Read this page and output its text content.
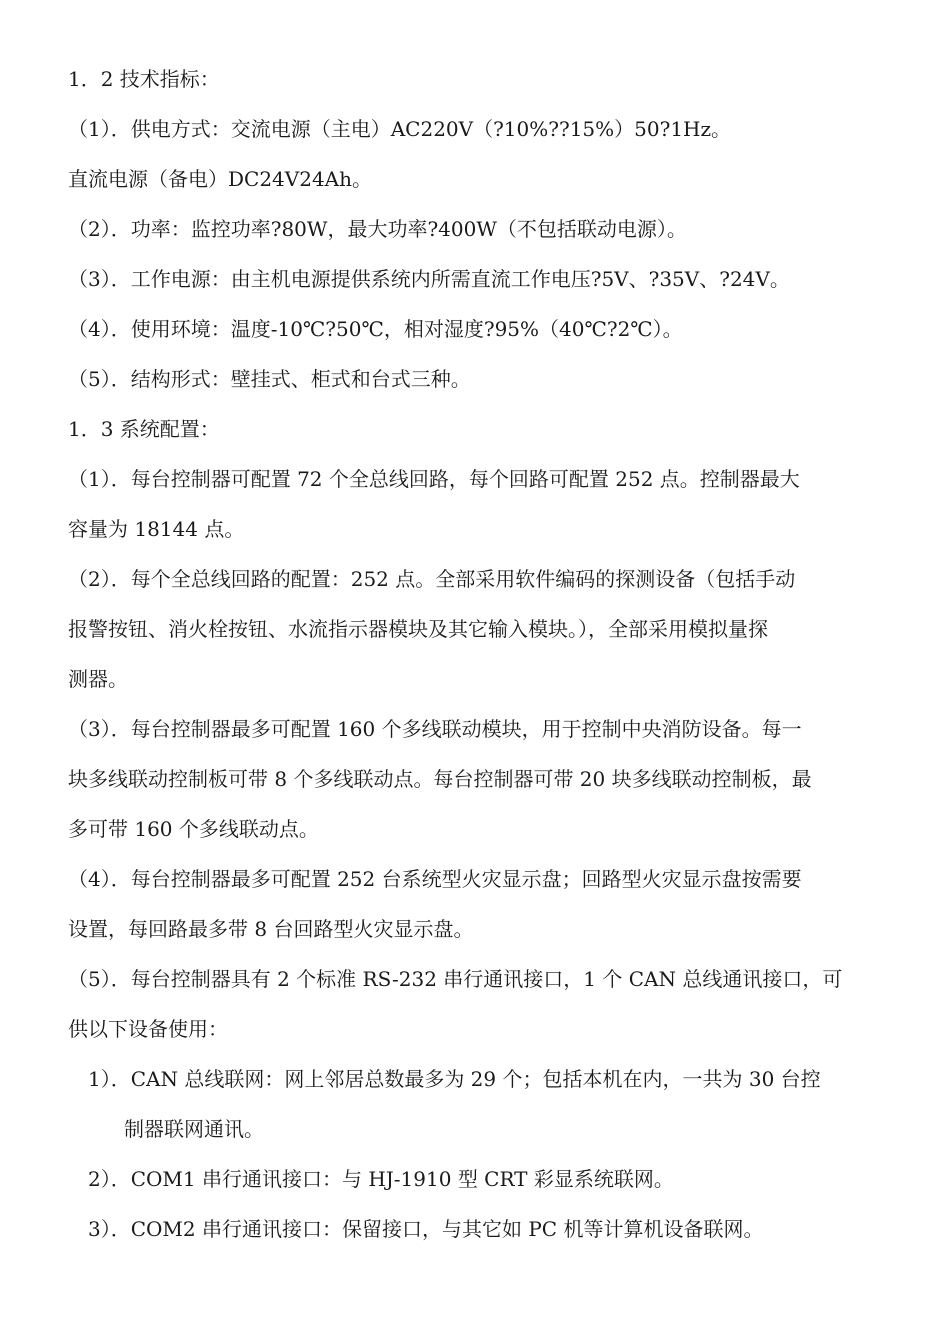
1．2 技术指标：
（1）．供电方式：交流电源（主电）AC220V（?10%??15%）50?1Hz。
直流电源（备电）DC24V24Ah。
（2）．功率：监控功率?80W，最大功率?400W（不包括联动电源）。
（3）．工作电源：由主机电源提供系统内所需直流工作电压?5V、?35V、?24V。
（4）．使用环境：温度-10℃?50℃，相对湿度?95%（40℃?2℃）。
（5）．结构形式：壁挂式、柜式和台式三种。
1．3 系统配置：
（1）．每台控制器可配置 72 个全总线回路，每个回路可配置 252 点。控制器最大
容量为 18144 点。
（2）．每个全总线回路的配置：252 点。全部采用软件编码的探测设备（包括手动
报警按钮、消火栓按钮、水流指示器模块及其它输入模块。），全部采用模拟量探
测器。
（3）．每台控制器最多可配置 160 个多线联动模块，用于控制中央消防设备。每一
块多线联动控制板可带 8 个多线联动点。每台控制器可带 20 块多线联动控制板，最
多可带 160 个多线联动点。
（4）．每台控制器最多可配置 252 台系统型火灾显示盘；回路型火灾显示盘按需要
设置，每回路最多带 8 台回路型火灾显示盘。
（5）．每台控制器具有 2 个标准 RS-232 串行通讯接口，1 个 CAN 总线通讯接口，可
供以下设备使用：
1）．CAN 总线联网：网上邻居总数最多为 29 个；包括本机在内，一共为 30 台控
制器联网通讯。
2）．COM1 串行通讯接口：与 HJ-1910 型 CRT 彩显系统联网。
3）．COM2 串行通讯接口：保留接口，与其它如 PC 机等计算机设备联网。
